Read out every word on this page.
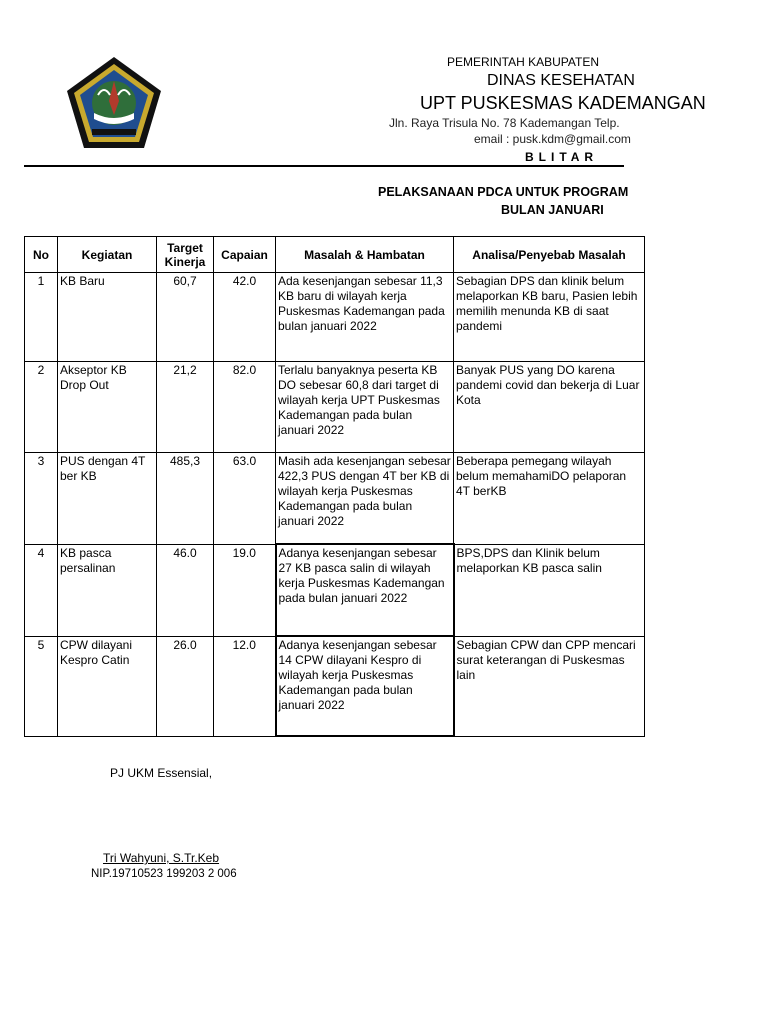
PEMERINTAH KABUPATEN
DINAS KESEHATAN
UPT PUSKESMAS KADEMANGAN
Jln. Raya Trisula No. 78 Kademangan Telp.
email : pusk.kdm@gmail.com
BLITAR
PELAKSANAAN PDCA UNTUK PROGRAM
BULAN JANUARI
No	Kegiatan	Target Kinerja	Capaian	Masalah & Hambatan	Analisa/Penyebab Masalah
1	KB Baru	60,7	42.0	Ada kesenjangan sebesar 11,3 KB baru di wilayah kerja Puskesmas Kademangan pada bulan januari 2022	Sebagian DPS dan klinik belum melaporkan KB baru, Pasien lebih memilih menunda KB di saat pandemi
2	Akseptor KB Drop Out	21,2	82.0	Terlalu banyaknya peserta KB DO sebesar 60,8 dari target di wilayah kerja UPT Puskesmas Kademangan pada bulan januari 2022	Banyak PUS yang DO karena pandemi covid dan bekerja di Luar Kota
3	PUS dengan 4T ber KB	485,3	63.0	Masih ada kesenjangan sebesar 422,3 PUS dengan 4T ber KB di wilayah kerja Puskesmas Kademangan pada bulan januari 2022	Beberapa pemegang wilayah belum memahamiDO pelaporan 4T berKB
4	KB pasca persalinan	46.0	19.0	Adanya kesenjangan sebesar 27 KB pasca salin di wilayah kerja Puskesmas Kademangan pada bulan januari 2022	BPS,DPS dan Klinik belum melaporkan KB pasca salin
5	CPW dilayani Kespro Catin	26.0	12.0	Adanya kesenjangan sebesar 14 CPW dilayani Kespro di wilayah kerja Puskesmas Kademangan pada bulan januari 2022	Sebagian CPW dan CPP mencari surat keterangan di Puskesmas lain
PJ UKM Essensial,
Tri Wahyuni, S.Tr.Keb
NIP.19710523 199203 2 006
